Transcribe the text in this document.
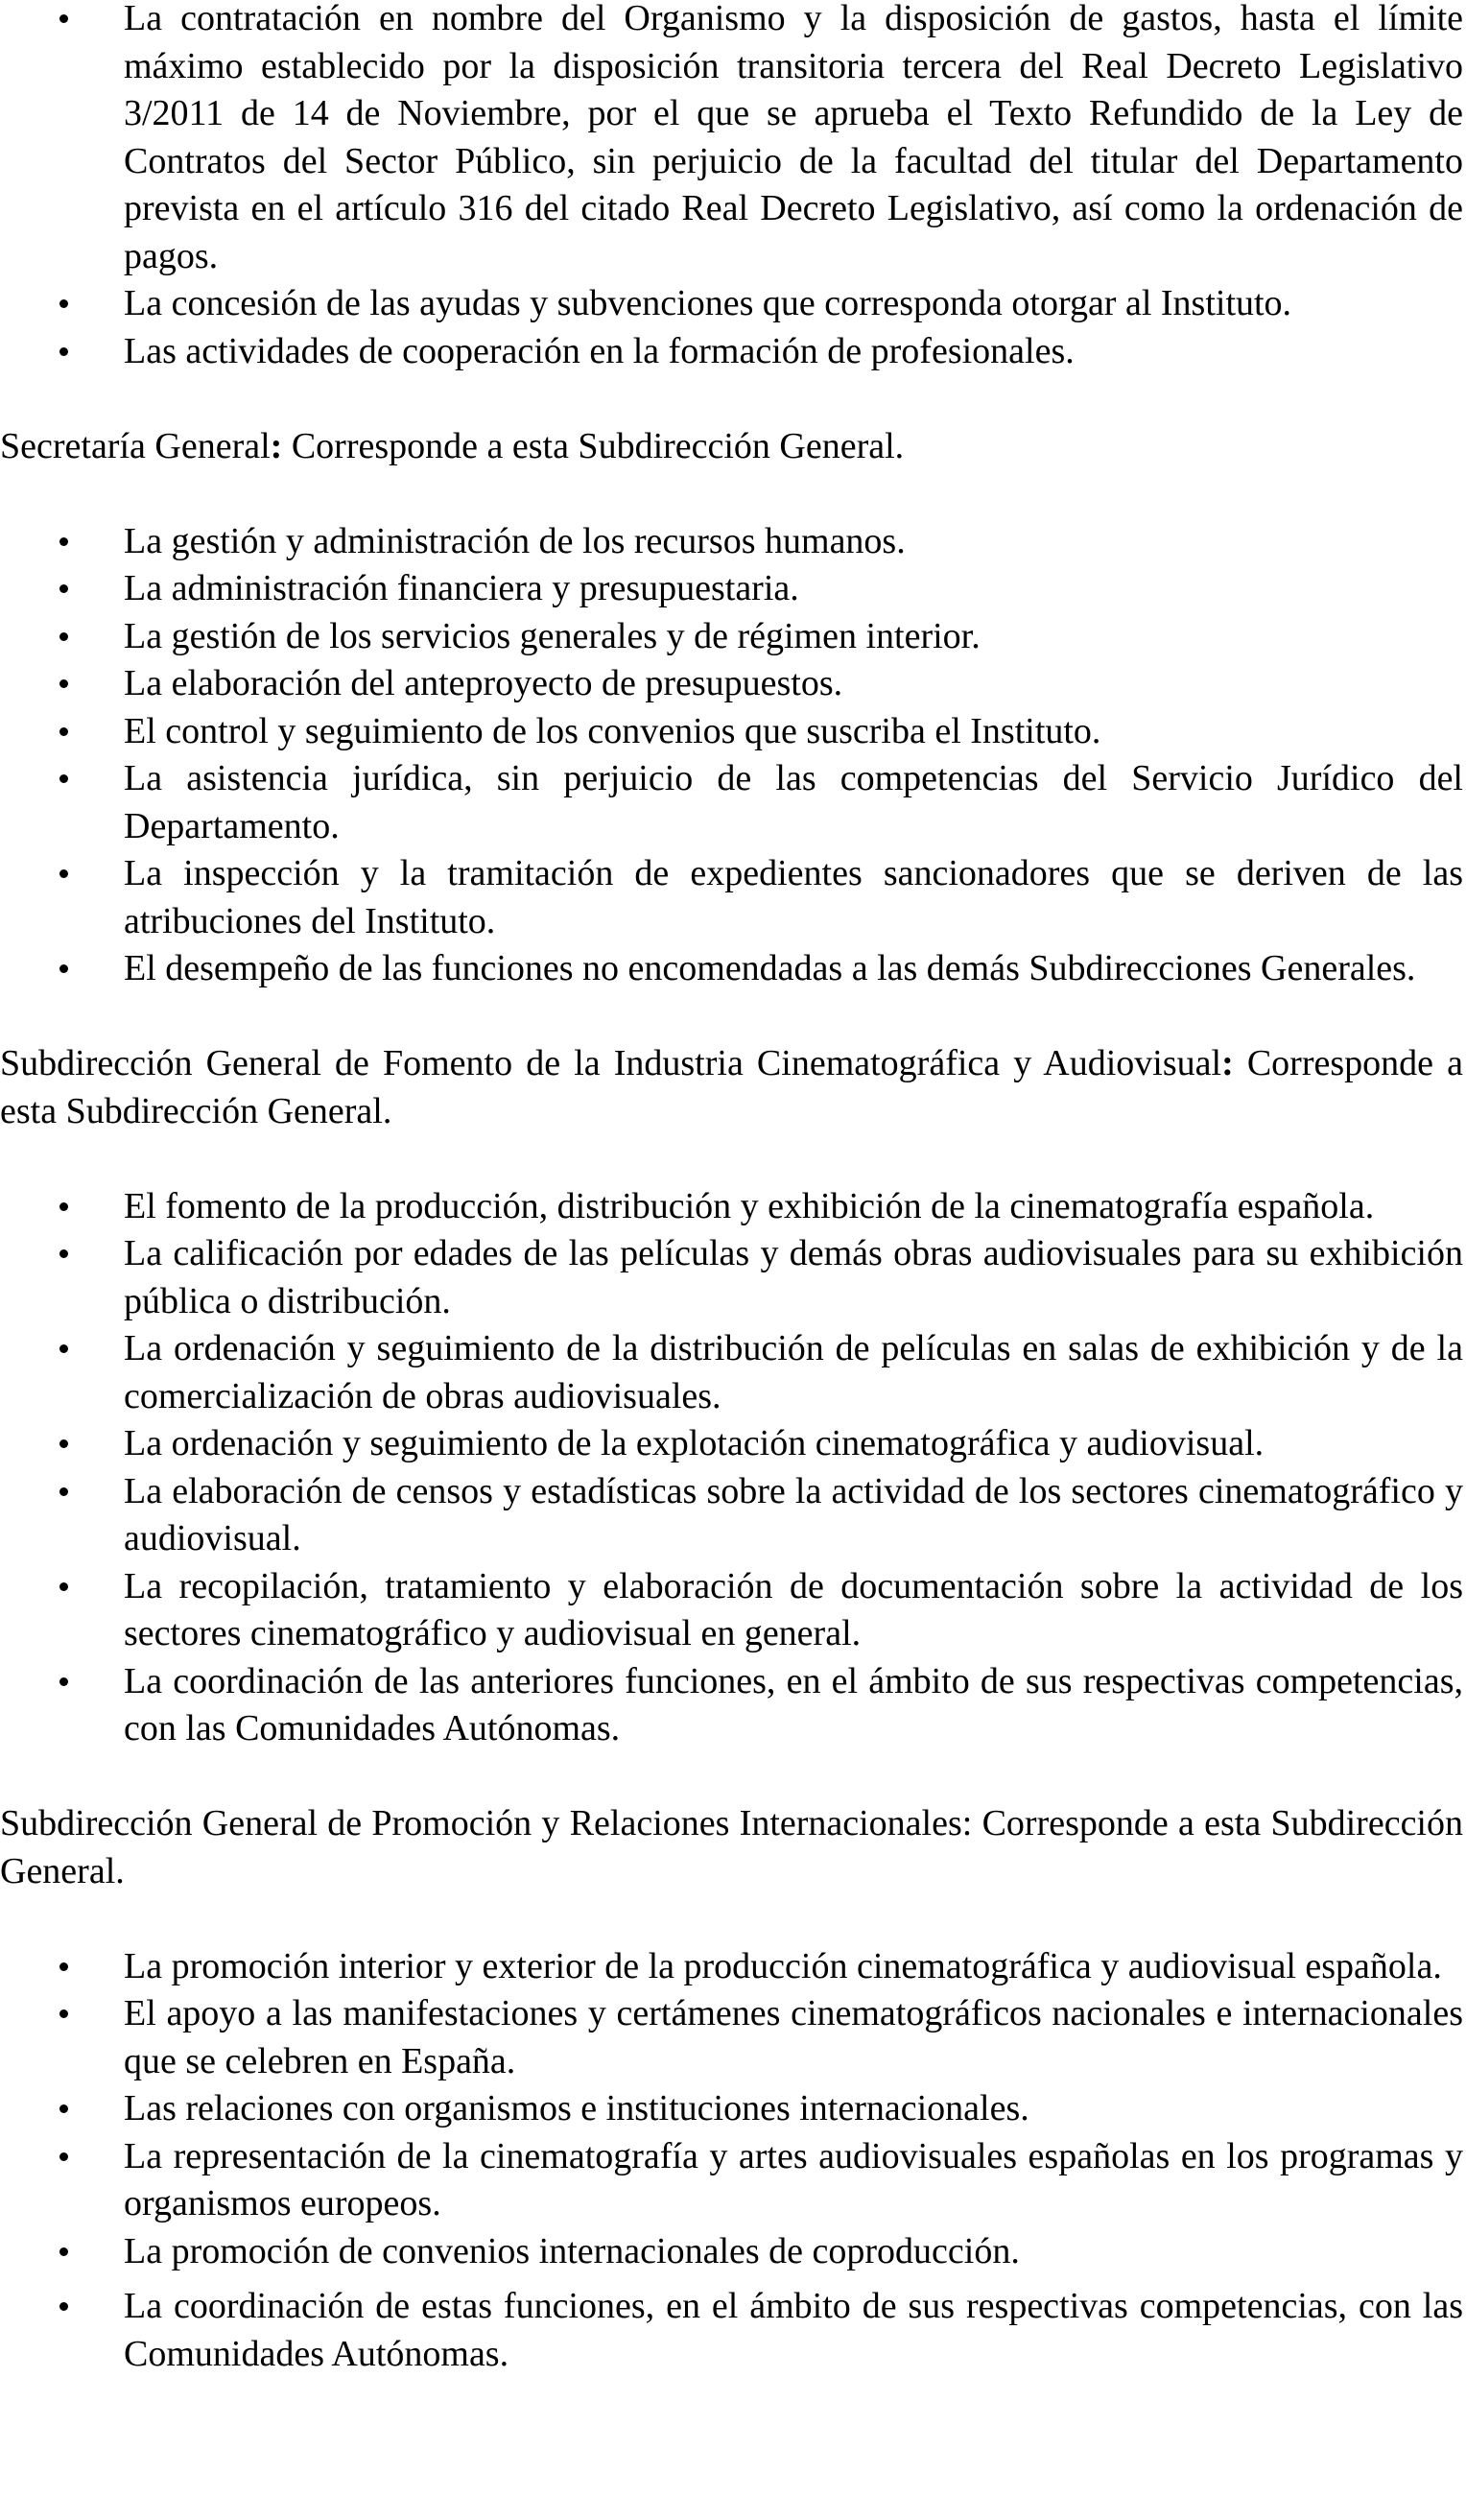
La contratación en nombre del Organismo y la disposición de gastos, hasta el límite máximo establecido por la disposición transitoria tercera del Real Decreto Legislativo 3/2011 de 14 de Noviembre, por el que se aprueba el Texto Refundido de la Ley de Contratos del Sector Público, sin perjuicio de la facultad del titular del Departamento prevista en el artículo 316 del citado Real Decreto Legislativo, así como la ordenación de pagos.
La concesión de las ayudas y subvenciones que corresponda otorgar al Instituto.
Las actividades de cooperación en la formación de profesionales.

Secretaría General: Corresponde a esta Subdirección General.

La gestión y administración de los recursos humanos.
La administración financiera y presupuestaria.
La gestión de los servicios generales y de régimen interior.
La elaboración del anteproyecto de presupuestos.
El control y seguimiento de los convenios que suscriba el Instituto.
La asistencia jurídica, sin perjuicio de las competencias del Servicio Jurídico del Departamento.
La inspección y la tramitación de expedientes sancionadores que se deriven de las atribuciones del Instituto.
El desempeño de las funciones no encomendadas a las demás Subdirecciones Generales.

Subdirección General de Fomento de la Industria Cinematográfica y Audiovisual: Corresponde a esta Subdirección General.

El fomento de la producción, distribución y exhibición de la cinematografía española.
La calificación por edades de las películas y demás obras audiovisuales para su exhibición pública o distribución.
La ordenación y seguimiento de la distribución de películas en salas de exhibición y de la comercialización de obras audiovisuales.
La ordenación y seguimiento de la explotación cinematográfica y audiovisual.
La elaboración de censos y estadísticas sobre la actividad de los sectores cinematográfico y audiovisual.
La recopilación, tratamiento y elaboración de documentación sobre la actividad de los sectores cinematográfico y audiovisual en general.
La coordinación de las anteriores funciones, en el ámbito de sus respectivas competencias, con las Comunidades Autónomas.

Subdirección General de Promoción y Relaciones Internacionales: Corresponde a esta Subdirección General.

La promoción interior y exterior de la producción cinematográfica y audiovisual española.
El apoyo a las manifestaciones y certámenes cinematográficos nacionales e internacionales que se celebren en España.
Las relaciones con organismos e instituciones internacionales.
La representación de la cinematografía y artes audiovisuales españolas en los programas y organismos europeos.
La promoción de convenios internacionales de coproducción.
La coordinación de estas funciones, en el ámbito de sus respectivas competencias, con las Comunidades Autónomas.
